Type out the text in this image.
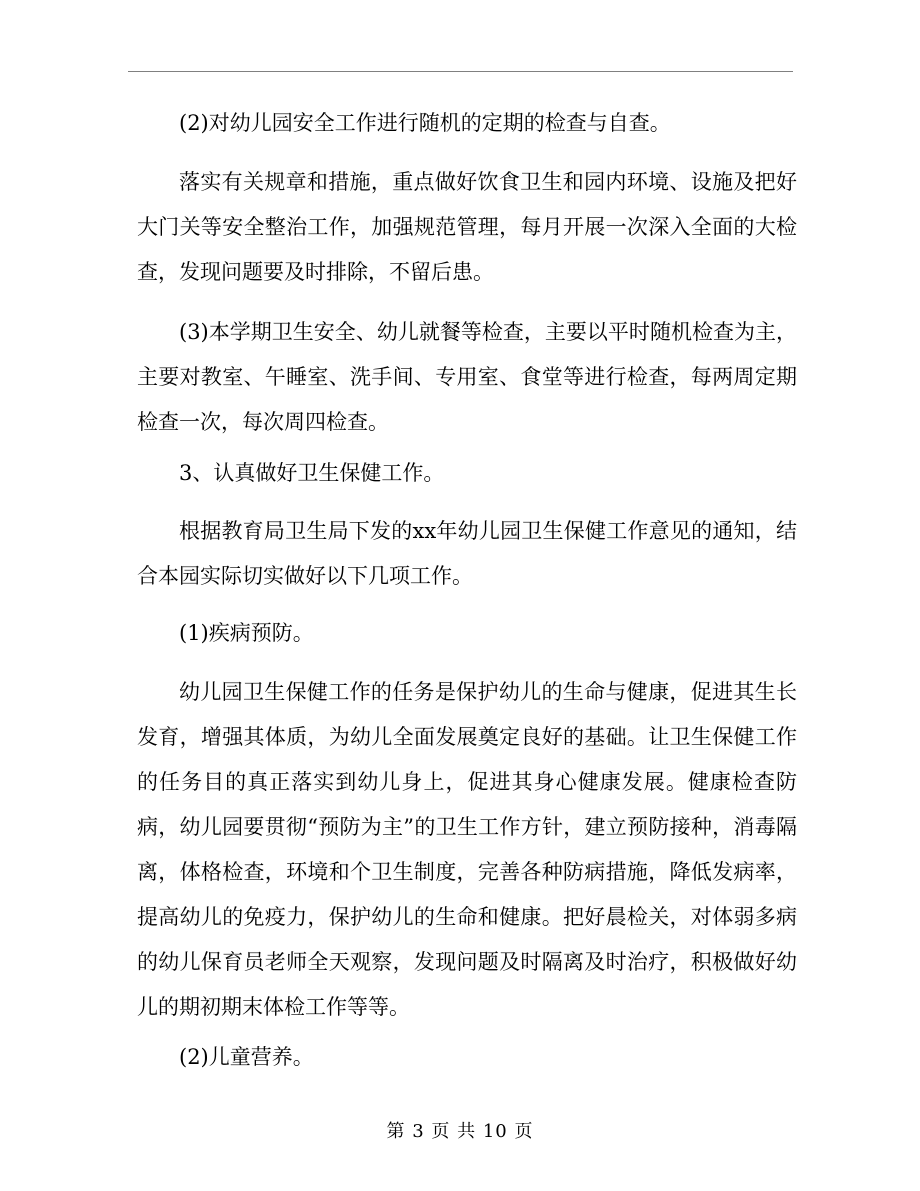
(2)对幼儿园安全工作进行随机的定期的检查与自查。

落实有关规章和措施，重点做好饮食卫生和园内环境、设施及把好大门关等安全整治工作，加强规范管理，每月开展一次深入全面的大检查，发现问题要及时排除，不留后患。

(3)本学期卫生安全、幼儿就餐等检查，主要以平时随机检查为主，主要对教室、午睡室、洗手间、专用室、食堂等进行检查，每两周定期检查一次，每次周四检查。

3、认真做好卫生保健工作。

根据教育局卫生局下发的xx年幼儿园卫生保健工作意见的通知，结合本园实际切实做好以下几项工作。

(1)疾病预防。

幼儿园卫生保健工作的任务是保护幼儿的生命与健康，促进其生长发育，增强其体质，为幼儿全面发展奠定良好的基础。让卫生保健工作的任务目的真正落实到幼儿身上，促进其身心健康发展。健康检查防病，幼儿园要贯彻“预防为主”的卫生工作方针，建立预防接种，消毒隔离，体格检查，环境和个卫生制度，完善各种防病措施，降低发病率，提高幼儿的免疫力，保护幼儿的生命和健康。把好晨检关，对体弱多病的幼儿保育员老师全天观察，发现问题及时隔离及时治疗，积极做好幼儿的期初期末体检工作等等。

(2)儿童营养。

第 3 页 共 10 页
